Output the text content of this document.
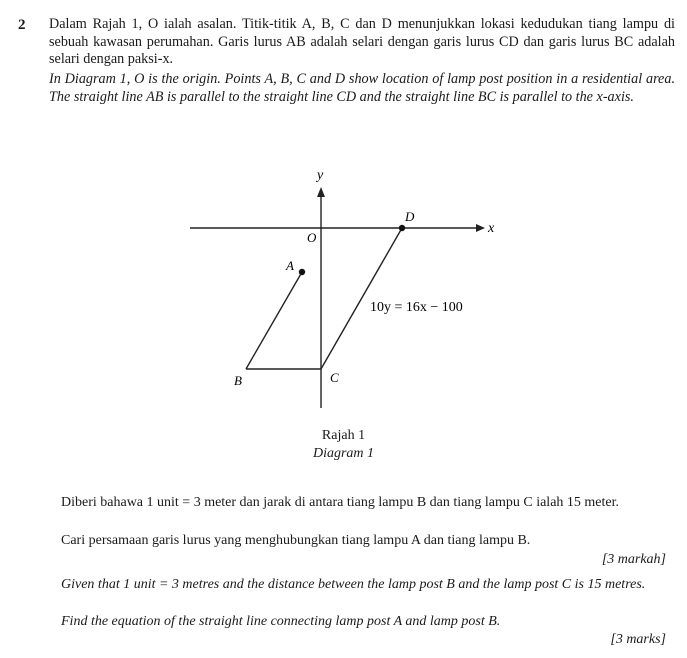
2 Dalam Rajah 1, O ialah asalan. Titik-titik A, B, C dan D menunjukkan lokasi kedudukan tiang lampu di sebuah kawasan perumahan. Garis lurus AB adalah selari dengan garis lurus CD dan garis lurus BC adalah selari dengan paksi-x.
In Diagram 1, O is the origin. Points A, B, C and D show location of lamp post position in a residential area. The straight line AB is parallel to the straight line CD and the straight line BC is parallel to the x-axis.
y
x
O
A
B	C
D
10y = 16x − 100
Rajah 1
Diagram 1
Diberi bahawa 1 unit = 3 meter dan jarak di antara tiang lampu B dan tiang lampu C ialah 15 meter.
Cari persamaan garis lurus yang menghubungkan tiang lampu A dan tiang lampu B.
[3 markah]
Given that 1 unit = 3 metres and the distance between the lamp post B and the lamp post C is 15 metres.
Find the equation of the straight line connecting lamp post A and lamp post B.
[3 marks]
